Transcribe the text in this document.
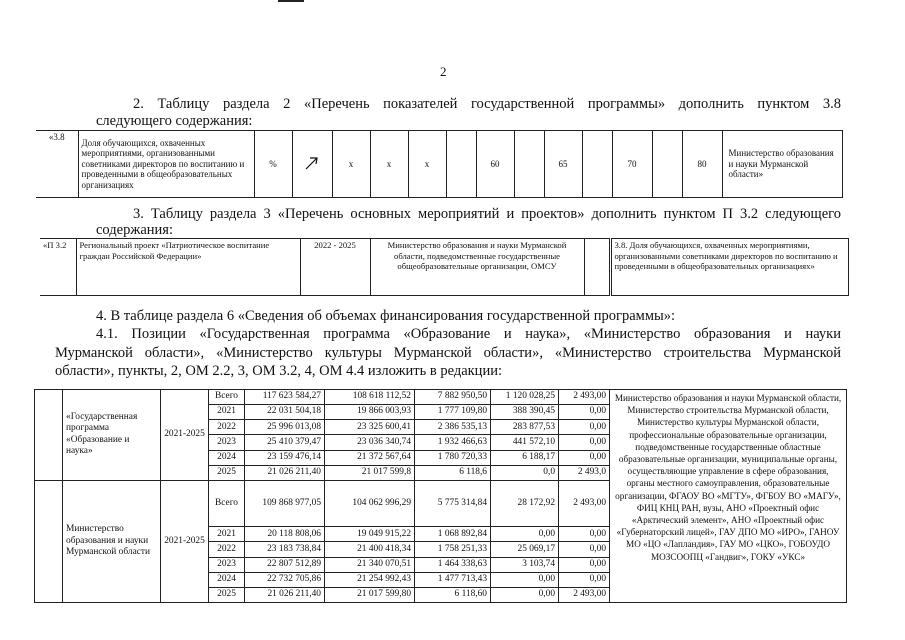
2
2. Таблицу раздела 2 «Перечень показателей государственной программы» дополнить пунктом 3.8
следующего содержания:
«3.8	Доля обучающихся, охваченных мероприятиями, организованными советниками директоров по воспитанию и проведенными в общеобразовательных организациях	%		х	х	х		60		65		70		80	Министерство образования и науки Мурманской области»
3. Таблицу раздела 3 «Перечень основных мероприятий и проектов» дополнить пунктом П 3.2 следующего
содержания:
«П 3.2	Региональный проект «Патриотическое воспитание граждан Российской Федерации»	2022 - 2025	Министерство образования и науки Мурманской области, подведомственные государственные общеобразовательные организации, ОМСУ		3.8. Доля обучающихся, охваченных мероприятиями, организованными советниками директоров по воспитанию и проведенными в общеобразовательных организациях»
4. В таблице раздела 6 «Сведения об объемах финансирования государственной программы»:
4.1. Позиции «Государственная программа «Образование и наука», «Министерство образования и науки
Мурманской области», «Министерство культуры Мурманской области», «Министерство строительства Мурманской
области», пункты, 2, ОМ 2.2, 3, ОМ 3.2, 4, ОМ 4.4 изложить в редакции:
	«Государственная программа «Образование и наука»	2021-2025	Всего	117 623 584,27	108 618 112,52	7 882 950,50	1 120 028,25	2 493,00	Министерство образования и науки Мурманской области, Министерство строительства Мурманской области, Министерство культуры Мурманской области, профессиональные образовательные организации, подведомственные государственные областные образовательные организации, муниципальные органы, осуществляющие управление в сфере образования, органы местного самоуправления, образовательные организации, ФГАОУ ВО «МГТУ», ФГБОУ ВО «МАГУ», ФИЦ КНЦ РАН, вузы, АНО «Проектный офис «Арктический элемент», АНО «Проектный офис «Губернаторский лицей», ГАУ ДПО МО «ИРО», ГАНОУ МО «ЦО «Лапландия», ГАУ МО «ЦКО», ГОБОУДО МОЗСООПЦ «Гандвиг», ГОКУ «УКС»
			2021	22 031 504,18	19 866 003,93	1 777 109,80	388 390,45	0,00	
			2022	25 996 013,08	23 325 600,41	2 386 535,13	283 877,53	0,00	
			2023	25 410 379,47	23 036 340,74	1 932 466,63	441 572,10	0,00	
			2024	23 159 476,14	21 372 567,64	1 780 720,33	6 188,17	0,00	
			2025	21 026 211,40	21 017 599,8	6 118,6	0,0	2 493,0	
	Министерство образования и науки Мурманской области	2021-2025	Всего	109 868 977,05	104 062 996,29	5 775 314,84	28 172,92	2 493,00	
			2021	20 118 808,06	19 049 915,22	1 068 892,84	0,00	0,00	
			2022	23 183 738,84	21 400 418,34	1 758 251,33	25 069,17	0,00	
			2023	22 807 512,89	21 340 070,51	1 464 338,63	3 103,74	0,00	
			2024	22 732 705,86	21 254 992,43	1 477 713,43	0,00	0,00	
			2025	21 026 211,40	21 017 599,80	6 118,60	0,00	2 493,00	
